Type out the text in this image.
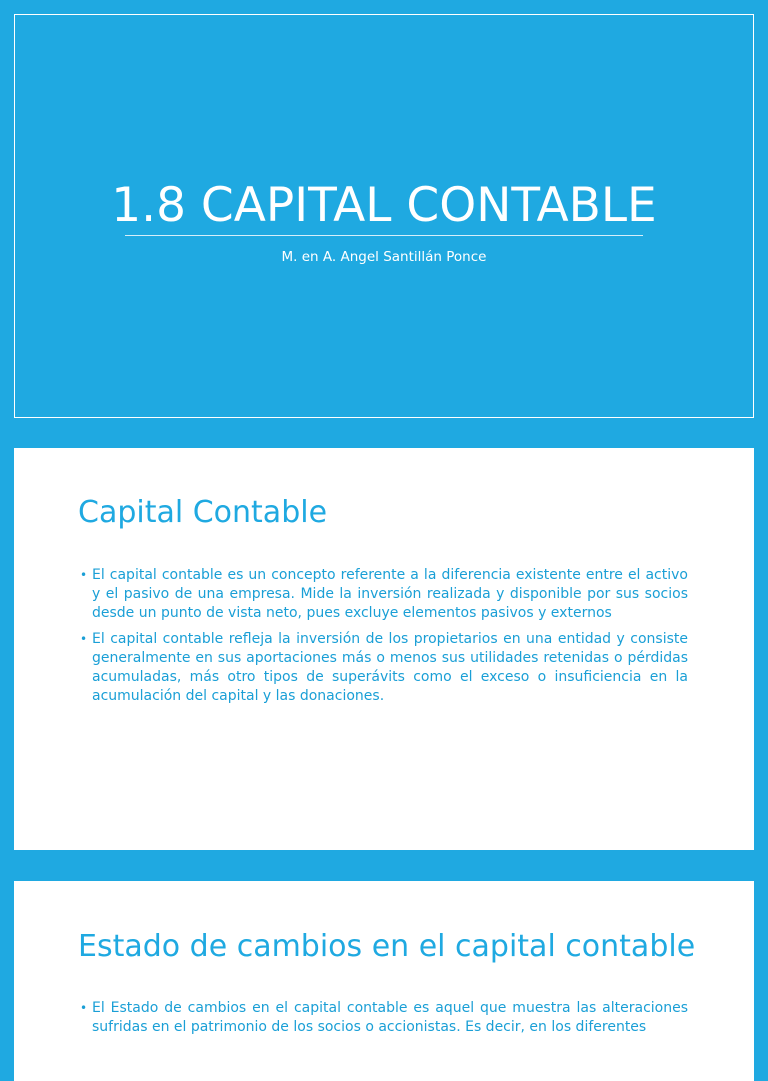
1.8 CAPITAL CONTABLE
M. en A. Angel Santillán Ponce
Capital Contable
• El capital contable es un concepto referente a la diferencia existente entre el activo y el pasivo de una empresa. Mide la inversión realizada y disponible por sus socios desde un punto de vista neto, pues excluye elementos pasivos y externos
• El capital contable refleja la inversión de los propietarios en una entidad y consiste generalmente en sus aportaciones más o menos sus utilidades retenidas o pérdidas acumuladas, más otro tipos de superávits como el exceso o insuficiencia en la acumulación del capital y las donaciones.
Estado de cambios en el capital contable
• El Estado de cambios en el capital contable es aquel que muestra las alteraciones sufridas en el patrimonio de los socios o accionistas. Es decir, en los diferentes
